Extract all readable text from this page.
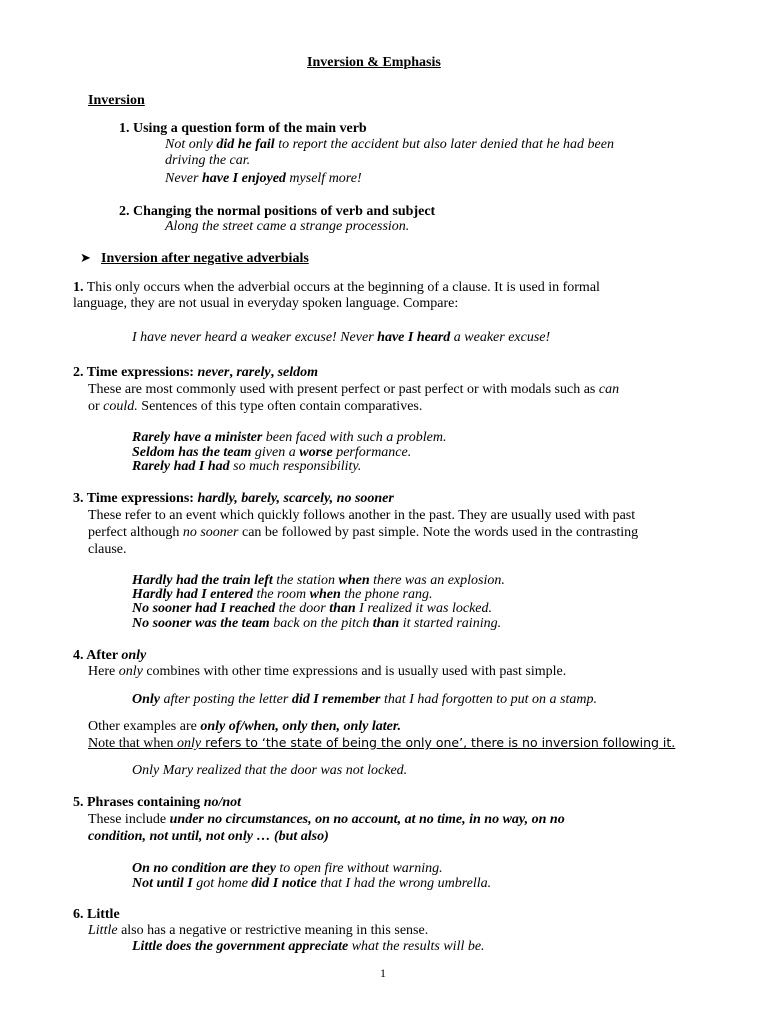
Inversion & Emphasis
Inversion
1. Using a question form of the main verb
Not only did he fail to report the accident but also later denied that he had been
driving the car.
Never have I enjoyed myself more!
2. Changing the normal positions of verb and subject
Along the street came a strange procession.
➤ Inversion after negative adverbials
1. This only occurs when the adverbial occurs at the beginning of a clause. It is used in formal
language, they are not usual in everyday spoken language. Compare:
I have never heard a weaker excuse! Never have I heard a weaker excuse!
2. Time expressions: never, rarely, seldom
These are most commonly used with present perfect or past perfect or with modals such as can
or could. Sentences of this type often contain comparatives.
Rarely have a minister been faced with such a problem.
Seldom has the team given a worse performance.
Rarely had I had so much responsibility.
3. Time expressions: hardly, barely, scarcely, no sooner
These refer to an event which quickly follows another in the past. They are usually used with past
perfect although no sooner can be followed by past simple. Note the words used in the contrasting
clause.
Hardly had the train left the station when there was an explosion.
Hardly had I entered the room when the phone rang.
No sooner had I reached the door than I realized it was locked.
No sooner was the team back on the pitch than it started raining.
4. After only
Here only combines with other time expressions and is usually used with past simple.
Only after posting the letter did I remember that I had forgotten to put on a stamp.
Other examples are only of/when, only then, only later.
Note that when only refers to ‘the state of being the only one’, there is no inversion following it.
Only Mary realized that the door was not locked.
5. Phrases containing no/not
These include under no circumstances, on no account, at no time, in no way, on no
condition, not until, not only … (but also)
On no condition are they to open fire without warning.
Not until I got home did I notice that I had the wrong umbrella.
6. Little
Little also has a negative or restrictive meaning in this sense.
Little does the government appreciate what the results will be.
1
